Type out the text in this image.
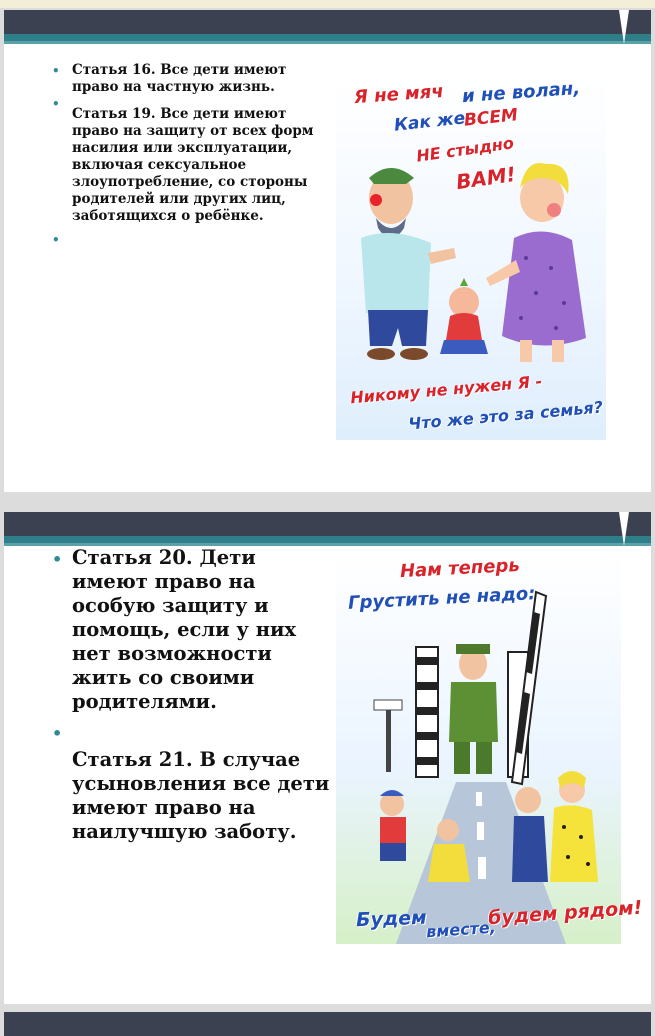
• Статья 16. Все дети имеют право на частную жизнь.
•
Статья 19. Все дети имеют право на защиту от всех форм насилия или эксплуатации, включая сексуальное злоупотребление, со стороны родителей или других лиц, заботящихся о ребёнке.
•
Я не мяч и не волан,
Как же
ВСЕМ
НЕ стыдно
ВАМ!
Никому не нужен Я -
Что же это за семья?
• Статья 20. Дети имеют право на особую защиту и помощь, если у них нет возможности жить со своими родителями.
•
Статья 21. В случае усыновления все дети имеют право на наилучшую заботу.
Нам теперь
Грустить не надо:
Будем
вместе,
будем рядом!
